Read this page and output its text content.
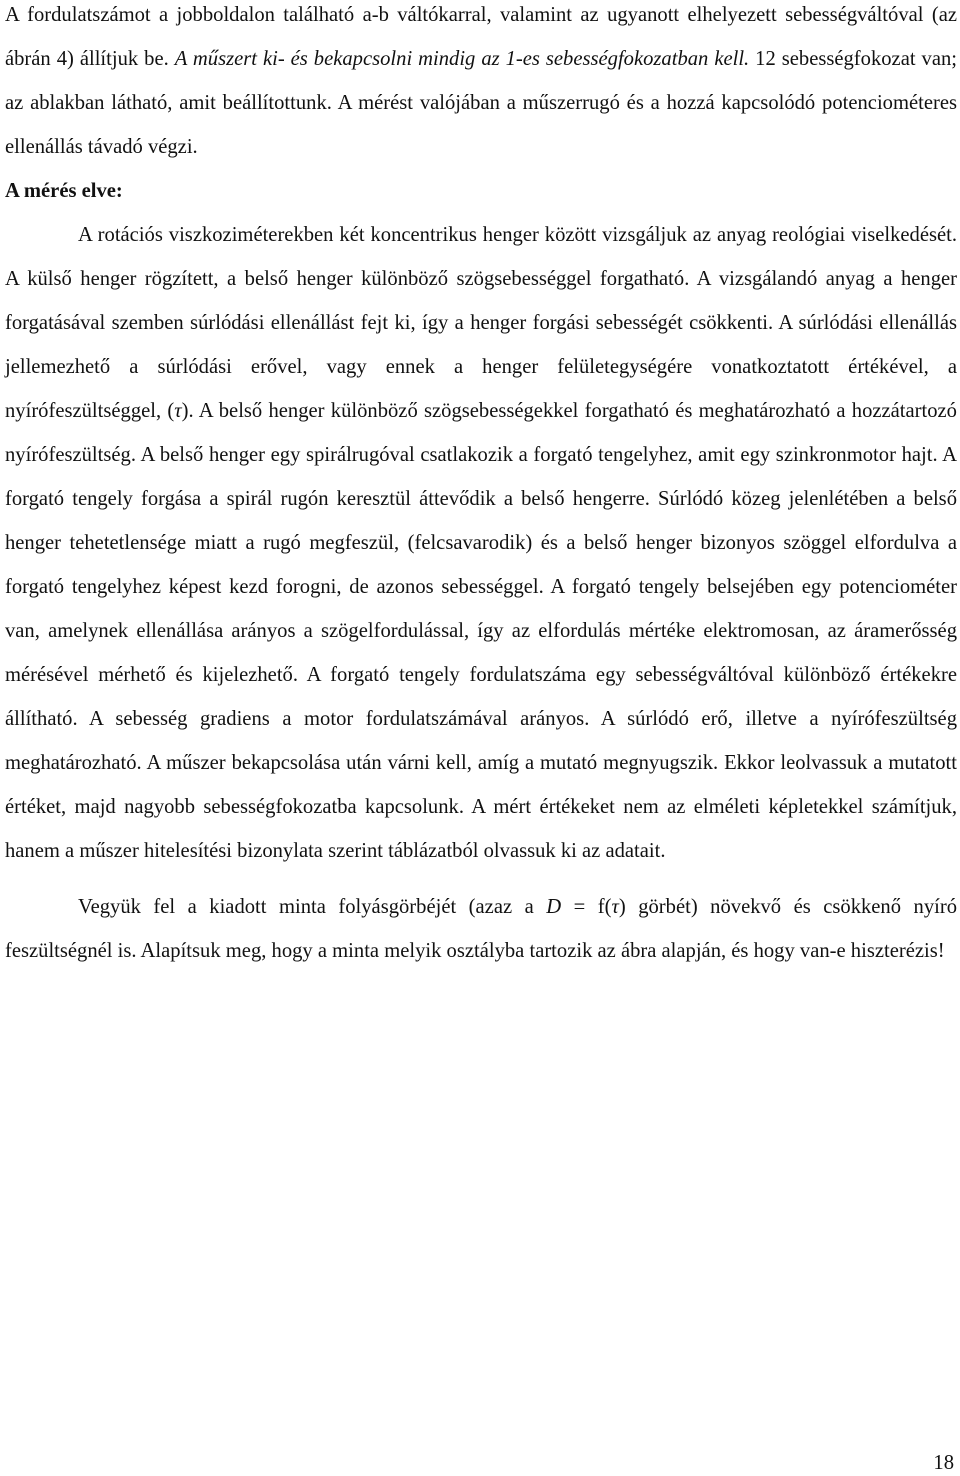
A fordulatszámot a jobboldalon található a-b váltókarral, valamint az ugyanott elhelyezett sebességváltóval (az ábrán 4) állítjuk be. A műszert ki- és bekapcsolni mindig az 1-es sebességfokozatban kell. 12 sebességfokozat van; az ablakban látható, amit beállítottunk. A mérést valójában a műszerrugó és a hozzá kapcsolódó potenciométeres ellenállás távadó végzi.

A mérés elve:

A rotációs viszkoziméterekben két koncentrikus henger között vizsgáljuk az anyag reológiai viselkedését. A külső henger rögzített, a belső henger különböző szögsebességgel forgatható. A vizsgálandó anyag a henger forgatásával szemben súrlódási ellenállást fejt ki, így a henger forgási sebességét csökkenti. A súrlódási ellenállás jellemezhető a súrlódási erővel, vagy ennek a henger felületegységére vonatkoztatott értékével, a nyírófeszültséggel, (τ). A belső henger különböző szögsebességekkel forgatható és meghatározható a hozzátartozó nyírófeszültség. A belső henger egy spirálrugóval csatlakozik a forgató tengelyhez, amit egy szinkronmotor hajt. A forgató tengely forgása a spirál rugón keresztül áttevődik a belső hengerre. Súrlódó közeg jelenlétében a belső henger tehetetlensége miatt a rugó megfeszül, (felcsavarodik) és a belső henger bizonyos szöggel elfordulva a forgató tengelyhez képest kezd forogni, de azonos sebességgel. A forgató tengely belsejében egy potenciométer van, amelynek ellenállása arányos a szögelfordulással, így az elfordulás mértéke elektromosan, az áramerősség mérésével mérhető és kijelezhető. A forgató tengely fordulatszáma egy sebességváltóval különböző értékekre állítható. A sebesség gradiens a motor fordulatszámával arányos. A súrlódó erő, illetve a nyírófeszültség meghatározható. A műszer bekapcsolása után várni kell, amíg a mutató megnyugszik. Ekkor leolvassuk a mutatott értéket, majd nagyobb sebességfokozatba kapcsolunk. A mért értékeket nem az elméleti képletekkel számítjuk, hanem a műszer hitelesítési bizonylata szerint táblázatból olvassuk ki az adatait.

Vegyük fel a kiadott minta folyásgörbéjét (azaz a D = f(τ) görbét) növekvő és csökkenő nyíró feszültségnél is. Alapítsuk meg, hogy a minta melyik osztályba tartozik az ábra alapján, és hogy van-e hiszterézis!

18
